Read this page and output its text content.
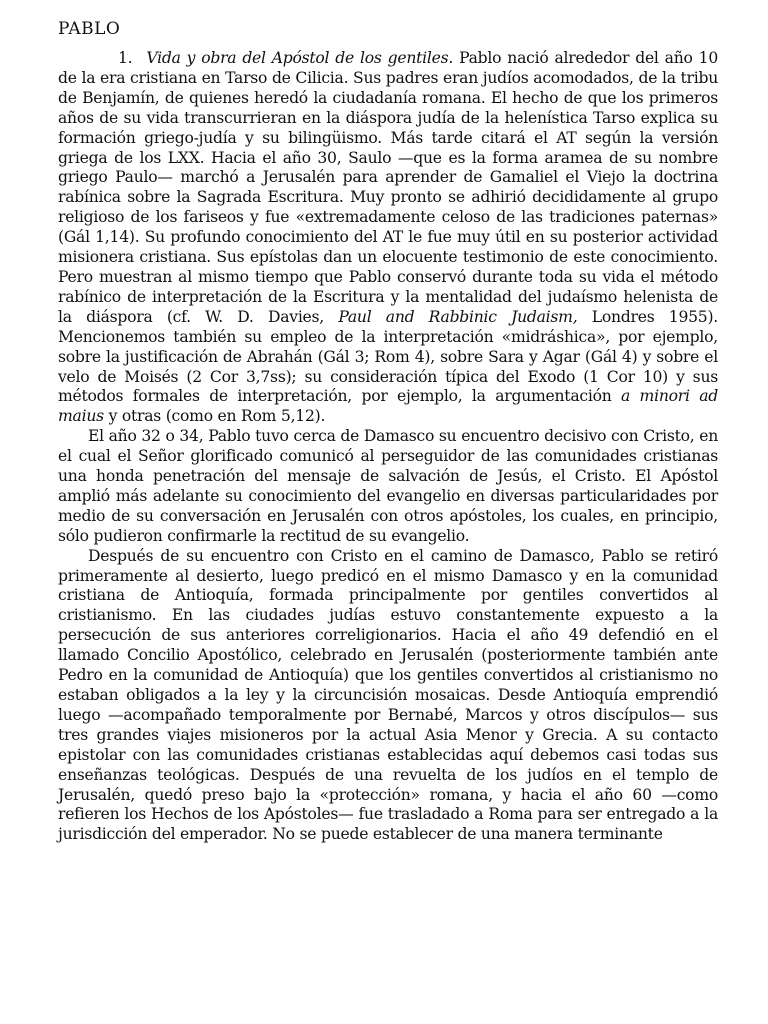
PABLO

1. Vida y obra del Apóstol de los gentiles. Pablo nació alrededor del año 10 de la era cristiana en Tarso de Cilicia. Sus padres eran judíos acomodados, de la tribu de Benjamín, de quienes heredó la ciudadanía romana. El hecho de que los primeros años de su vida transcurrieran en la diáspora judía de la helenística Tarso explica su formación griego-judía y su bilingüismo. Más tarde citará el AT según la versión griega de los LXX. Hacia el año 30, Saulo —que es la forma aramea de su nombre griego Paulo— marchó a Jerusalén para aprender de Gamaliel el Viejo la doctrina rabínica sobre la Sagrada Escritura. Muy pronto se adhirió decididamente al grupo religioso de los fariseos y fue «extremadamente celoso de las tradiciones paternas» (Gál 1,14). Su profundo conocimiento del AT le fue muy útil en su posterior actividad misionera cristiana. Sus epístolas dan un elocuente testimonio de este conocimiento. Pero muestran al mismo tiempo que Pablo conservó durante toda su vida el método rabínico de interpretación de la Escritura y la mentalidad del judaísmo helenista de la diáspora (cf. W. D. Davies, Paul and Rabbinic Judaism, Londres 1955). Mencionemos también su empleo de la interpretación «midráshica», por ejemplo, sobre la justificación de Abrahán (Gál 3; Rom 4), sobre Sara y Agar (Gál 4) y sobre el velo de Moisés (2 Cor 3,7ss); su consideración típica del Exodo (1 Cor 10) y sus métodos formales de interpretación, por ejemplo, la argumentación a minori ad maius y otras (como en Rom 5,12).

El año 32 o 34, Pablo tuvo cerca de Damasco su encuentro decisivo con Cristo, en el cual el Señor glorificado comunicó al perseguidor de las comunidades cristianas una honda penetración del mensaje de salvación de Jesús, el Cristo. El Apóstol amplió más adelante su conocimiento del evangelio en diversas particularidades por medio de su conversación en Jerusalén con otros apóstoles, los cuales, en principio, sólo pudieron confirmarle la rectitud de su evangelio.

Después de su encuentro con Cristo en el camino de Damasco, Pablo se retiró primeramente al desierto, luego predicó en el mismo Damasco y en la comunidad cristiana de Antioquía, formada principalmente por gentiles convertidos al cristianismo. En las ciudades judías estuvo constantemente expuesto a la persecución de sus anteriores correligionarios. Hacia el año 49 defendió en el llamado Concilio Apostólico, celebrado en Jerusalén (posteriormente también ante Pedro en la comunidad de Antioquía) que los gentiles convertidos al cristianismo no estaban obligados a la ley y la circuncisión mosaicas. Desde Antioquía emprendió luego —acompañado temporalmente por Bernabé, Marcos y otros discípulos— sus tres grandes viajes misioneros por la actual Asia Menor y Grecia. A su contacto epistolar con las comunidades cristianas establecidas aquí debemos casi todas sus enseñanzas teológicas. Después de una revuelta de los judíos en el templo de Jerusalén, quedó preso bajo la «protección» romana, y hacia el año 60 —como refieren los Hechos de los Apóstoles— fue trasladado a Roma para ser entregado a la jurisdicción del emperador. No se puede establecer de una manera terminante
